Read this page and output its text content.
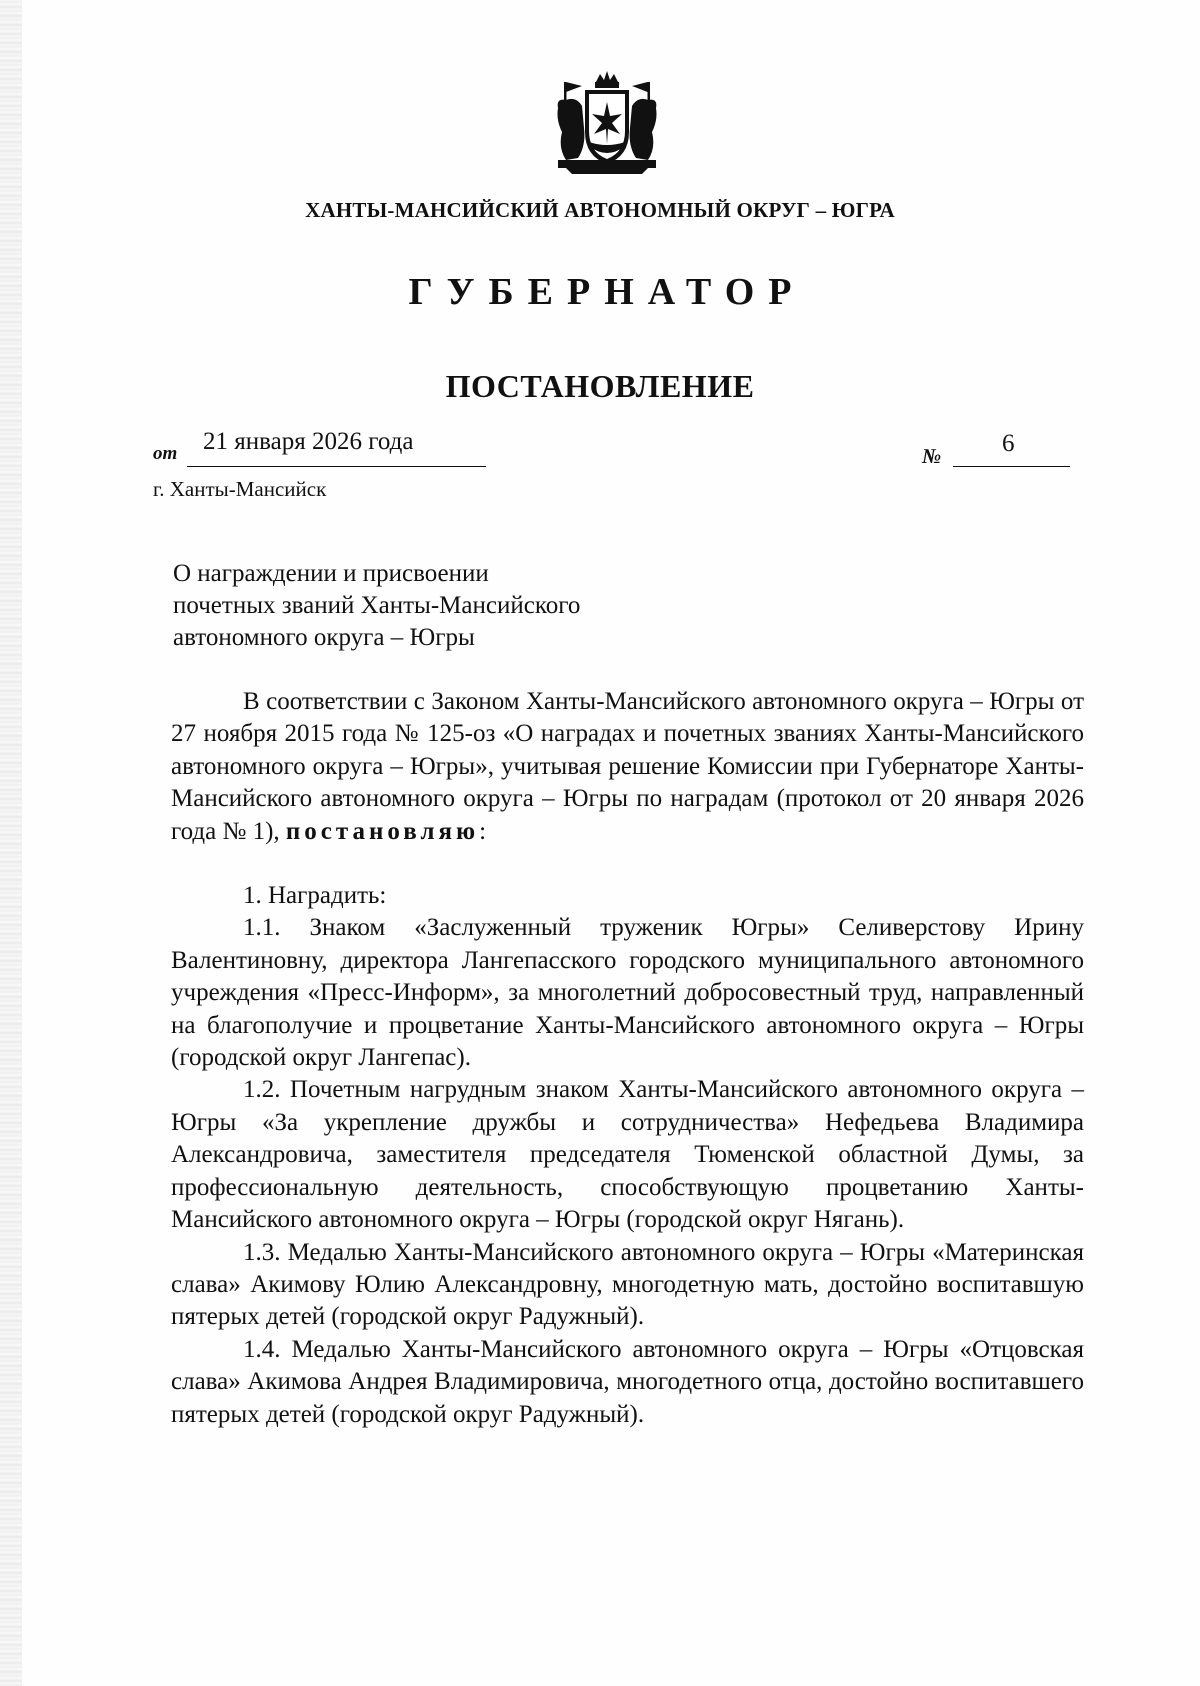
ХАНТЫ-МАНСИЙСКИЙ АВТОНОМНЫЙ ОКРУГ – ЮГРА
ГУБЕРНАТОР
ПОСТАНОВЛЕНИЕ
от 21 января 2026 года
№ 6
г. Ханты-Мансийск
О награждении и присвоении
почетных званий Ханты-Мансийского
автономного округа – Югры

В соответствии с Законом Ханты-Мансийского автономного округа – Югры от 27 ноября 2015 года № 125-оз «О наградах и почетных званиях Ханты-Мансийского автономного округа – Югры», учитывая решение Комиссии при Губернаторе Ханты-Мансийского автономного округа – Югры по наградам (протокол от 20 января 2026 года № 1), постановляю:

1. Наградить:

1.1. Знаком «Заслуженный труженик Югры» Селиверстову Ирину Валентиновну, директора Лангепасского городского муниципального автономного учреждения «Пресс-Информ», за многолетний добросовестный труд, направленный на благополучие и процветание Ханты-Мансийского автономного округа – Югры (городской округ Лангепас).

1.2. Почетным нагрудным знаком Ханты-Мансийского автономного округа – Югры «За укрепление дружбы и сотрудничества» Нефедьева Владимира Александровича, заместителя председателя Тюменской областной Думы, за профессиональную деятельность, способствующую процветанию Ханты-Мансийского автономного округа – Югры (городской округ Нягань).

1.3. Медалью Ханты-Мансийского автономного округа – Югры «Материнская слава» Акимову Юлию Александровну, многодетную мать, достойно воспитавшую пятерых детей (городской округ Радужный).

1.4. Медалью Ханты-Мансийского автономного округа – Югры «Отцовская слава» Акимова Андрея Владимировича, многодетного отца, достойно воспитавшего пятерых детей (городской округ Радужный).
